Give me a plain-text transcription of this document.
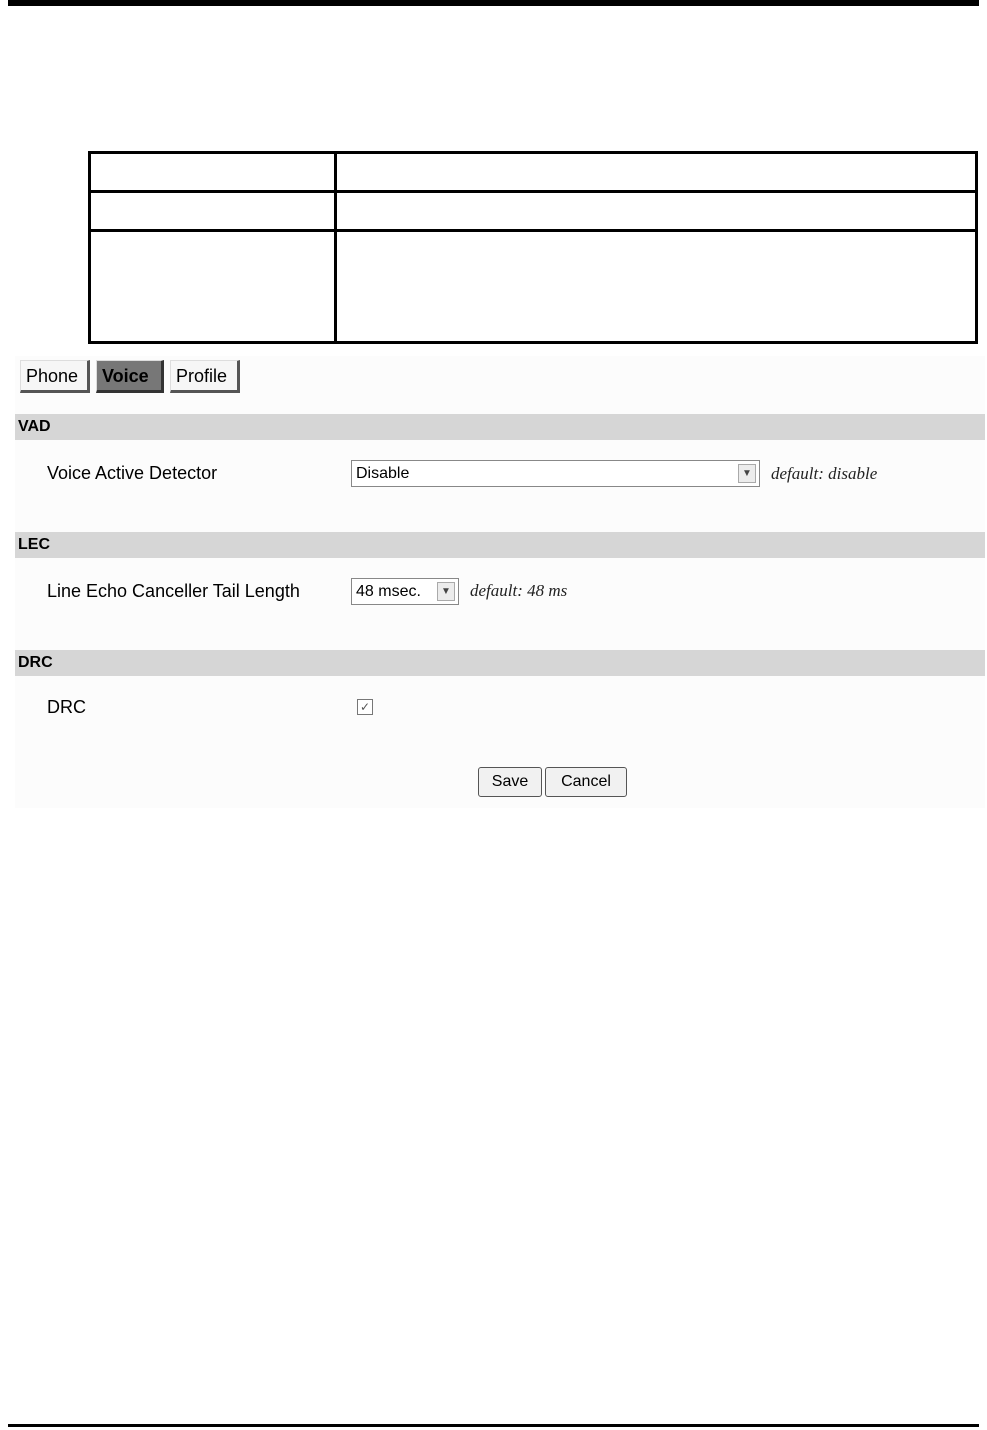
Phone	Voice	Profile
VAD
Voice Active Detector	Disable	▼ default: disable
LEC
Line Echo Canceller Tail Length	48 msec.	▼ default: 48 ms
DRC
DRC	✓
Save	Cancel
